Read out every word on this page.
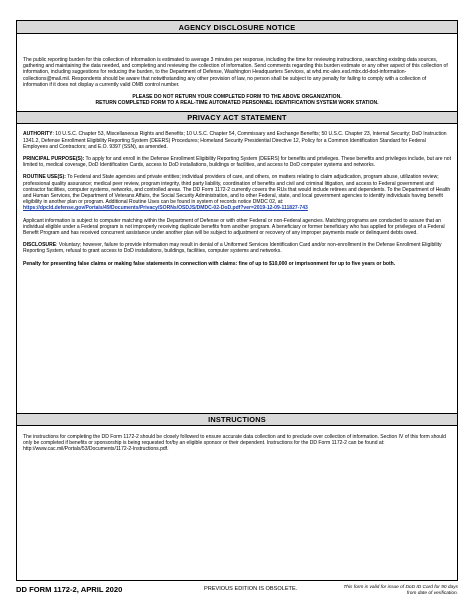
AGENCY DISCLOSURE NOTICE
The public reporting burden for this collection of information is estimated to average 3 minutes per response, including the time for reviewing instructions, searching existing data sources, gathering and maintaining the data needed, and completing and reviewing the collection of information. Send comments regarding this burden estimate or any other aspect of this collection of information, including suggestions for reducing the burden, to the Department of Defense, Washington Headquarters Services, at whd.mc-alex.esd.mbx.dd-dod-information-collections@mail.mil. Respondents should be aware that notwithstanding any other provision of law, no person shall be subject to any penalty for failing to comply with a collection of information if it does not display a currently valid OMB control number.
PLEASE DO NOT RETURN YOUR COMPLETED FORM TO THE ABOVE ORGANIZATION.
RETURN COMPLETED FORM TO A REAL-TIME AUTOMATED PERSONNEL IDENTIFICATION SYSTEM WORK STATION.
PRIVACY ACT STATEMENT
AUTHORITY: 10 U.S.C. Chapter 53, Miscellaneous Rights and Benefits; 10 U.S.C. Chapter 54, Commissary and Exchange Benefits; 50 U.S.C. Chapter 23, Internal Security; DoD Instruction 1341.2, Defense Enrollment Eligibility Reporting System (DEERS) Procedures; Homeland Security Presidential Directive 12, Policy for a Common Identification Standard for Federal Employees and Contractors; and E.O. 9397 (SSN), as amended.
PRINCIPAL PURPOSE(S): To apply for and enroll in the Defense Enrollment Eligibility Reporting System (DEERS) for benefits and privileges. These benefits and privileges include, but are not limited to, medical coverage, DoD Identification Cards, access to DoD installations, buildings or facilities, and access to DoD computer systems and networks.
ROUTINE USE(S): To Federal and State agencies and private entities; individual providers of care, and others, on matters relating to claim adjudication, program abuse, utilization review; professional quality assurance; medical peer review, program integrity, third party liability, coordination of benefits and civil and criminal litigation, and access to Federal government and contractor facilities, computer systems, networks, and controlled areas. The DD Form 1172-2 currently covers the RUs that would include retirees and dependents. To the Department of Health and Human Services, the Department of Veterans Affairs, the Social Security Administration, and to other Federal, state, and local government agencies to identify individuals having benefit eligibility in another plan or program. Additional Routine Uses can be found in system of records notice DMDC 02, at: https://dpcld.defense.gov/Portals/49/Documents/Privacy/SORNs/OSDJS/DMDC-02-DoD.pdf?ver=2019-12-09-111827-743
Applicant information is subject to computer matching within the Department of Defense or with other Federal or non-Federal agencies. Matching programs are conducted to assure that an individual eligible under a Federal program is not improperly receiving duplicate benefits from another program. A beneficiary or former beneficiary who has applied for privileges of a Federal Benefit Program and has received concurrent assistance under another plan will be subject to adjustment or recovery of any improper payments made or delinquent debts owed.
DISCLOSURE: Voluntary; however, failure to provide information may result in denial of a Uniformed Services Identification Card and/or non-enrollment in the Defense Enrollment Eligibility Reporting System, refusal to grant access to DoD installations, buildings, facilities, computer systems and networks.
Penalty for presenting false claims or making false statements in connection with claims: fine of up to $10,000 or imprisonment for up to five years or both.
INSTRUCTIONS
The instructions for completing the DD Form 1172-2 should be closely followed to ensure accurate data collection and to preclude over collection of information. Section IV of this form should only be completed if benefits or sponsorship is being requested for/by an eligible sponsor or their dependent. Instructions for the DD Form 1172-2 can be found at: http://www.cac.mil/Portals/53/Documents/1172-2-Instructions.pdf.
DD FORM 1172-2, APRIL 2020	PREVIOUS EDITION IS OBSOLETE.	This form is valid for issue of DoD ID Card for 90 days
from date of verification.
